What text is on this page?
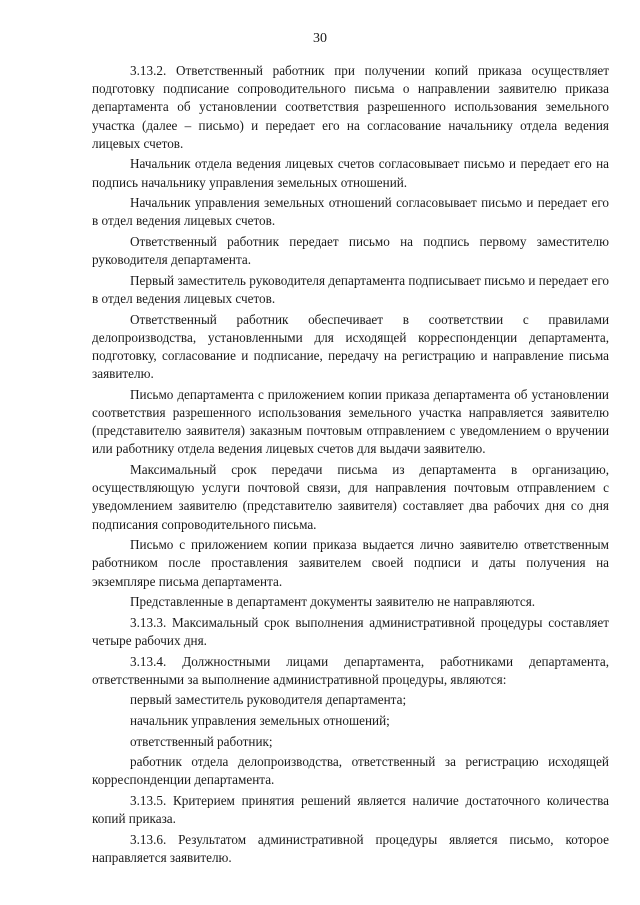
30

3.13.2. Ответственный работник при получении копий приказа осуществляет подготовку подписание сопроводительного письма о направлении заявителю приказа департамента об установлении соответствия разрешенного использования земельного участка (далее – письмо) и передает его на согласование начальнику отдела ведения лицевых счетов.

Начальник отдела ведения лицевых счетов согласовывает письмо и передает его на подпись начальнику управления земельных отношений.

Начальник управления земельных отношений согласовывает письмо и передает его в отдел ведения лицевых счетов.

Ответственный работник передает письмо на подпись первому заместителю руководителя департамента.

Первый заместитель руководителя департамента подписывает письмо и передает его в отдел ведения лицевых счетов.

Ответственный работник обеспечивает в соответствии с правилами делопроизводства, установленными для исходящей корреспонденции департамента, подготовку, согласование и подписание, передачу на регистрацию и направление письма заявителю.

Письмо департамента с приложением копии приказа департамента об установлении соответствия разрешенного использования земельного участка направляется заявителю (представителю заявителя) заказным почтовым отправлением с уведомлением о вручении или работнику отдела ведения лицевых счетов для выдачи заявителю.

Максимальный срок передачи письма из департамента в организацию, осуществляющую услуги почтовой связи, для направления почтовым отправлением с уведомлением заявителю (представителю заявителя) составляет два рабочих дня со дня подписания сопроводительного письма.

Письмо с приложением копии приказа выдается лично заявителю ответственным работником после проставления заявителем своей подписи и даты получения на экземпляре письма департамента.

Представленные в департамент документы заявителю не направляются.

3.13.3. Максимальный срок выполнения административной процедуры составляет четыре рабочих дня.

3.13.4. Должностными лицами департамента, работниками департамента, ответственными за выполнение административной процедуры, являются:

первый заместитель руководителя департамента;

начальник управления земельных отношений;

ответственный работник;

работник отдела делопроизводства, ответственный за регистрацию исходящей корреспонденции департамента.

3.13.5. Критерием принятия решений является наличие достаточного количества копий приказа.

3.13.6. Результатом административной процедуры является письмо, которое направляется заявителю.
